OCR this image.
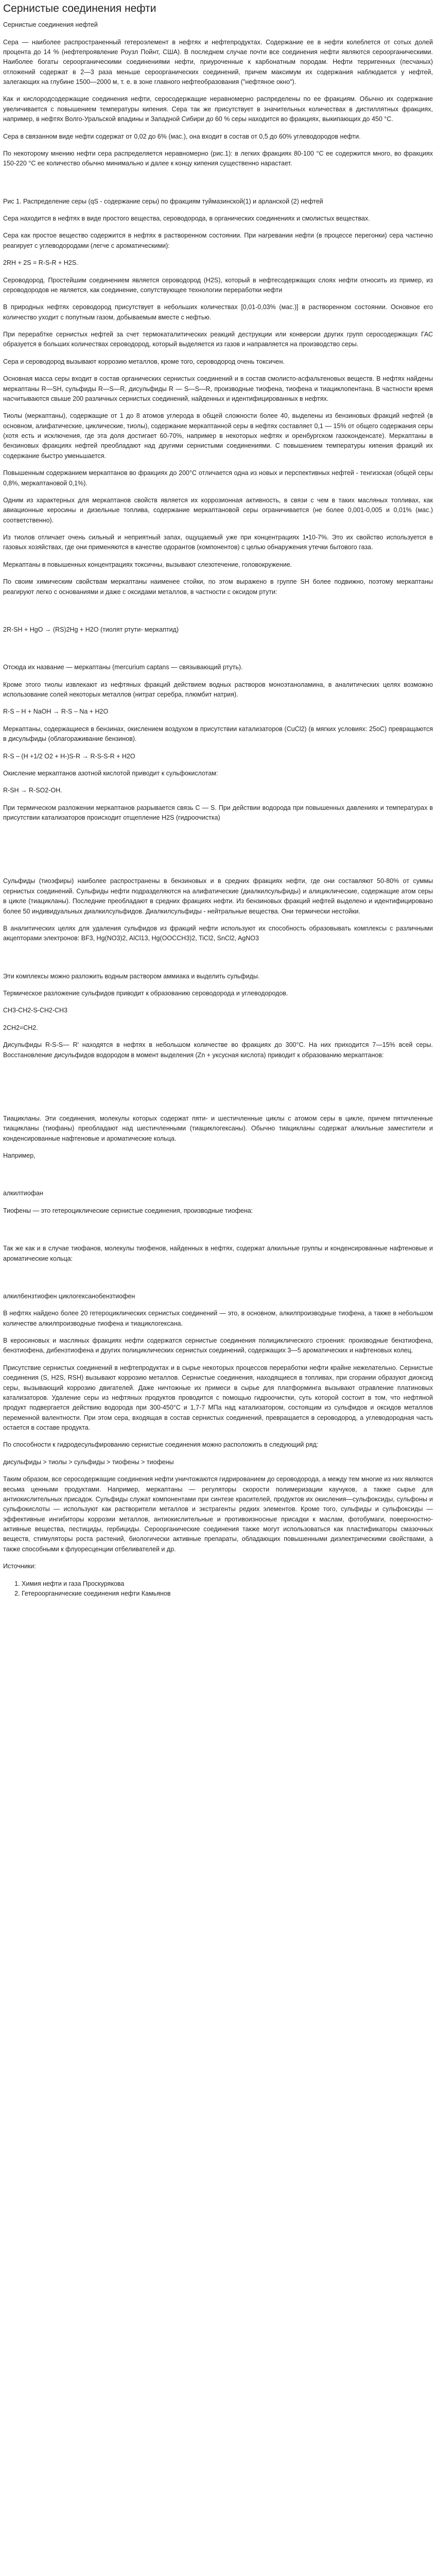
Сернистые соединения нефти

Сернистые соединения нефтей

Сера — наиболее распространенный гетероэлемент в нефтях и нефтепродуктах. Содержание ее в нефти колеблется от сотых долей процента до 14 % (нефтепроявление Роузл Пойнт, США). В последнем случае почти все соединения нефти являются сероорганическими. Наиболее богаты сероорганическими соединениями нефти, приуроченные к карбонатным породам. Нефти терригенных (песчаных) отложений содержат в 2—3 раза меньше сероорганических соединений, причем максимум их содержания наблюдается у нефтей, залегающих на глубине 1500—2000 м, т. е. в зоне главного нефтеобразования ("нефтяное окно").

Как и кислородсодержащие соединения нефти, серосодержащие неравномерно распределены по ее фракциям. Обычно их содержание увеличивается с повышением температуры кипения. Сера так же присутствует в значительных количествах в дистиллятных фракциях, например, в нефтях Волго-Уральской впадины и Западной Сибири до 60 % серы находится во фракциях, выкипающих до 450 °С.

Сера в связанном виде нефти содержат от 0,02 до 6% (мас.), она входит в состав от 0,5 до 60% углеводородов нефти.

По некоторому мнению нефти сера распределяется неравномерно (рис.1): в легких фракциях 80-100 °С ее содержится много, во фракциях 150-220 °С ее количество обычно минимально и далее к концу кипения существенно нарастает.

Рис 1. Распределение серы (qS - содержание серы) по фракциям туймазинской(1) и арланской (2) нефтей

Сера находится в нефтях в виде простого вещества, сероводорода, в органических соединениях и смолистых веществах.

Сера как простое вещество содержится в нефтях в растворенном состоянии. При нагревании нефти (в процессе перегонки) сера частично реагирует с углеводородами (легче с ароматическими):

2RH + 2S = R-S-R + H2S.

Сероводород. Простейшим соединением является сероводород (H2S), который в нефтесодержащих слоях нефти относить из пример, из сероводородов не является, как соединение, сопутствующее технологии переработки нефти

В природных нефтях сероводород присутствует в небольших количествах [0,01-0,03% (мас.)] в растворенном состоянии. Основное его количество уходит с попутным газом, добываемым вместе с нефтью.

При перерабтке сернистых нефтей за счет термокаталитических реакций деструкции или конверсии других групп серосодержащих ГАС образуется в больших количествах сероводород, который выделяется из газов и направляется на производство серы.

Сера и сероводород вызывают коррозию металлов, кроме того, сероводород очень токсичен.

Основная масса серы входит в состав органических сернистых соединений и в состав смолисто-асфальтеновых веществ. В нефтях найдены меркаптаны R—SH, сульфиды R—S—R, дисульфиды R — S—S—R, производные тиофена, тиофена и тиациклопентана. В частности время насчитываются свыше 200 различных сернистых соединений, найденных и идентифицированных в нефтях.

Тиолы (меркаптаны), содержащие от 1 до 8 атомов углерода в общей сложности более 40, выделены из бензиновых фракций нефтей (в основном, алифатические, циклические, тиолы), содержание меркаптанной серы в нефтях составляет 0,1 — 15% от общего содержания серы (хотя есть и исключения, где эта доля достигает 60-70%, например в некоторых нефтях и оренбургском газоконденсате). Меркаптаны в бензиновых фракциях нефтей преобладают над другими сернистыми соединениями. С повышением температуры кипения фракций их содержание быстро уменьшается.

Повышенным содержанием меркаптанов во фракциях до 200°С отличается одна из новых и перспективных нефтей - тенгизская (общей серы 0,8%, меркаптановой 0,1%).

Одним из характерных для меркаптанов свойств является их коррозионная активность, в связи с чем в таких масляных топливах, как авиационные керосины и дизельные топлива, содержание меркаптановой серы ограничивается (не более 0,001-0,005 и 0,01% (мас.) соответственно).

Из тиолов отличает очень сильный и неприятный запах, ощущаемый уже при концентрациях 1•10-7%. Это их свойство используется в газовых хозяйствах, где они применяются в качестве одорантов (компонентов) с целью обнаружения утечки бытового газа.

Меркаптаны в повышенных концентрациях токсичны, вызывают слезотечение, головокружение.

По своим химическим свойствам меркаптаны наименее стойки, по этом выражено в группе SH более подвижно, поэтому меркаптаны реагируют легко с основаниями и даже с оксидами металлов, в частности с оксидом ртути:

2R-SH + HgO → (RS)2Hg + H2O (тиолят ртути- меркаптид)

Отсюда их название — меркаптаны (mercurium captans — связывающий ртуть).

Кроме этого тиолы извлекают из нефтяных фракций действием водных растворов моноэтаноламина, в аналитических целях возможно использование солей некоторых металлов (нитрат серебра, плюмбит натрия).

R-S – H + NaOH → R-S – Na + H2O

Меркаптаны, содержащиеся в бензинах, окислением воздухом в присутствии катализаторов (CuCl2) (в мягких условиях: 25оС) превращаются в дисульфиды (облагораживание бензинов).

R-S – (H +1/2 O2 + H-)S-R → R-S-S-R + H2O

Окисление меркаптанов азотной кислотой приводит к сульфокислотам:

R-SH → R-SO2-OH.

При термическом разложении меркаптанов разрывается связь С — S. При действии водорода при повышенных давлениях и температурах в присутствии катализаторов происходит отщепление H2S (гидроочистка)

Сульфиды (тиоэфиры) наиболее распространены в бензиновых и в средних фракциях нефти, где они составляют 50-80% от суммы сернистых соединений. Сульфиды нефти подразделяются на алифатические (диалкилсульфиды) и алициклические, содержащие атом серы в цикле (тиацикланы). Последние преобладают в средних фракциях нефти. Из бензиновых фракций нефтей выделено и идентифицировано более 50 индивидуальных диалкилсульфидов. Диалкилсульфиды - нейтральные вещества. Они термически нестойки.

В аналитических целях для удаления сульфидов из фракций нефти используют их способность образовывать комплексы с различными акцепторами электронов: BF3, Hg(NO3)2, AlCl13, Hg(OOCCH3)2, TiCl2, SnCl2, AgNO3

Эти комплексы можно разложить водным раствором аммиака и выделить сульфиды.

Термическое разложение сульфидов приводит к образованию сероводорода и углеводородов.

CH3-CH2-S-CH2-CH3

2CH2=CH2.

Дисульфиды R-S-S— R' находятся в нефтях в небольшом количестве во фракциях до 300°С. На них приходится 7—15% всей серы. Восстановление дисульфидов водородом в момент выделения (Zn + уксусная кислота) приводит к образованию меркаптанов:

Тиацикланы. Эти соединения, молекулы которых содержат пяти- и шестичленные циклы с атомом серы в цикле, причем пятичленные тиацикланы (тиофаны) преобладают над шестичленными (тиациклогексаны). Обычно тиацикланы содержат алкильные заместители и конденсированные нафтеновые и ароматические кольца.

Например,

алкилтиофан

Тиофены — это гетероциклические сернистые соединения, производные тиофена:

Так же как и в случае тиофанов, молекулы тиофенов, найденных в нефтях, содержат алкильные группы и конденсированные нафтеновые и ароматические кольца:

алкилбензтиофен циклогексанобензтиофен

В нефтях найдено более 20 гетероциклических сернистых соединений — это, в основном, алкилпроизводные тиофена, а также в небольшом количестве алкилпроизводные тиофена и тиациклогексана.

В керосиновых и масляных фракциях нефти содержатся сернистые соединения полициклического строения: производные бензтиофена, бензтиофена, дибензтиофена и других полициклических сернистых соединений, содержащих 3—5 ароматических и нафтеновых колец.

Присутствие сернистых соединений в нефтепродуктах и в сырье некоторых процессов переработки нефти крайне нежелательно. Сернистые соединения (S, H2S, RSH) вызывают коррозию металлов. Сернистые соединения, находящиеся в топливах, при сгорании образуют диоксид серы, вызывающий коррозию двигателей. Даже ничтожные их примеси в сырье для платформинга вызывают отравление платиновых катализаторов. Удаление серы из нефтяных продуктов проводится с помощью гидроочистки, суть которой состоит в том, что нефтяной продукт подвергается действию водорода при 300-450°С и 1,7-7 МПа над катализатором, состоящим из сульфидов и оксидов металлов переменной валентности. При этом сера, входящая в состав сернистых соединений, превращается в сероводород, а углеводородная часть остается в составе продукта.

По способности к гидродесульфированию сернистые соединения можно расположить в следующий ряд:

дисульфиды > тиолы > сульфиды > тиофены > тиофены

Таким образом, все серосодержащие соединения нефти уничтожаются гидрированием до сероводорода, а между тем многие из них являются весьма ценными продуктами. Например, меркаптаны — регуляторы скорости полимеризации каучуков, а также сырье для антиокислительных присадок. Сульфиды служат компонентами при синтезе красителей, продуктов их окисления—сульфоксиды, сульфоны и сульфокислоты — используют как растворители металлов и экстрагенты редких элементов. Кроме того, сульфиды и сульфоксиды — эффективные ингибиторы коррозии металлов, антиокислительные и противоизносные присадки к маслам, фотобумаги, поверхностно-активные вещества, пестициды, гербициды. Сероорганические соединения также могут использоваться как пластификаторы смазочных веществ, стимуляторы роста растений, биологически активные препараты, обладающих повышенными диэлектрическими свойствами, а также способными к флуоресценции отбеливателей и др.

Источники:

1. Химия нефти и газа Проскурякова
2. Гетероорганические соединения нефти Камьянов
